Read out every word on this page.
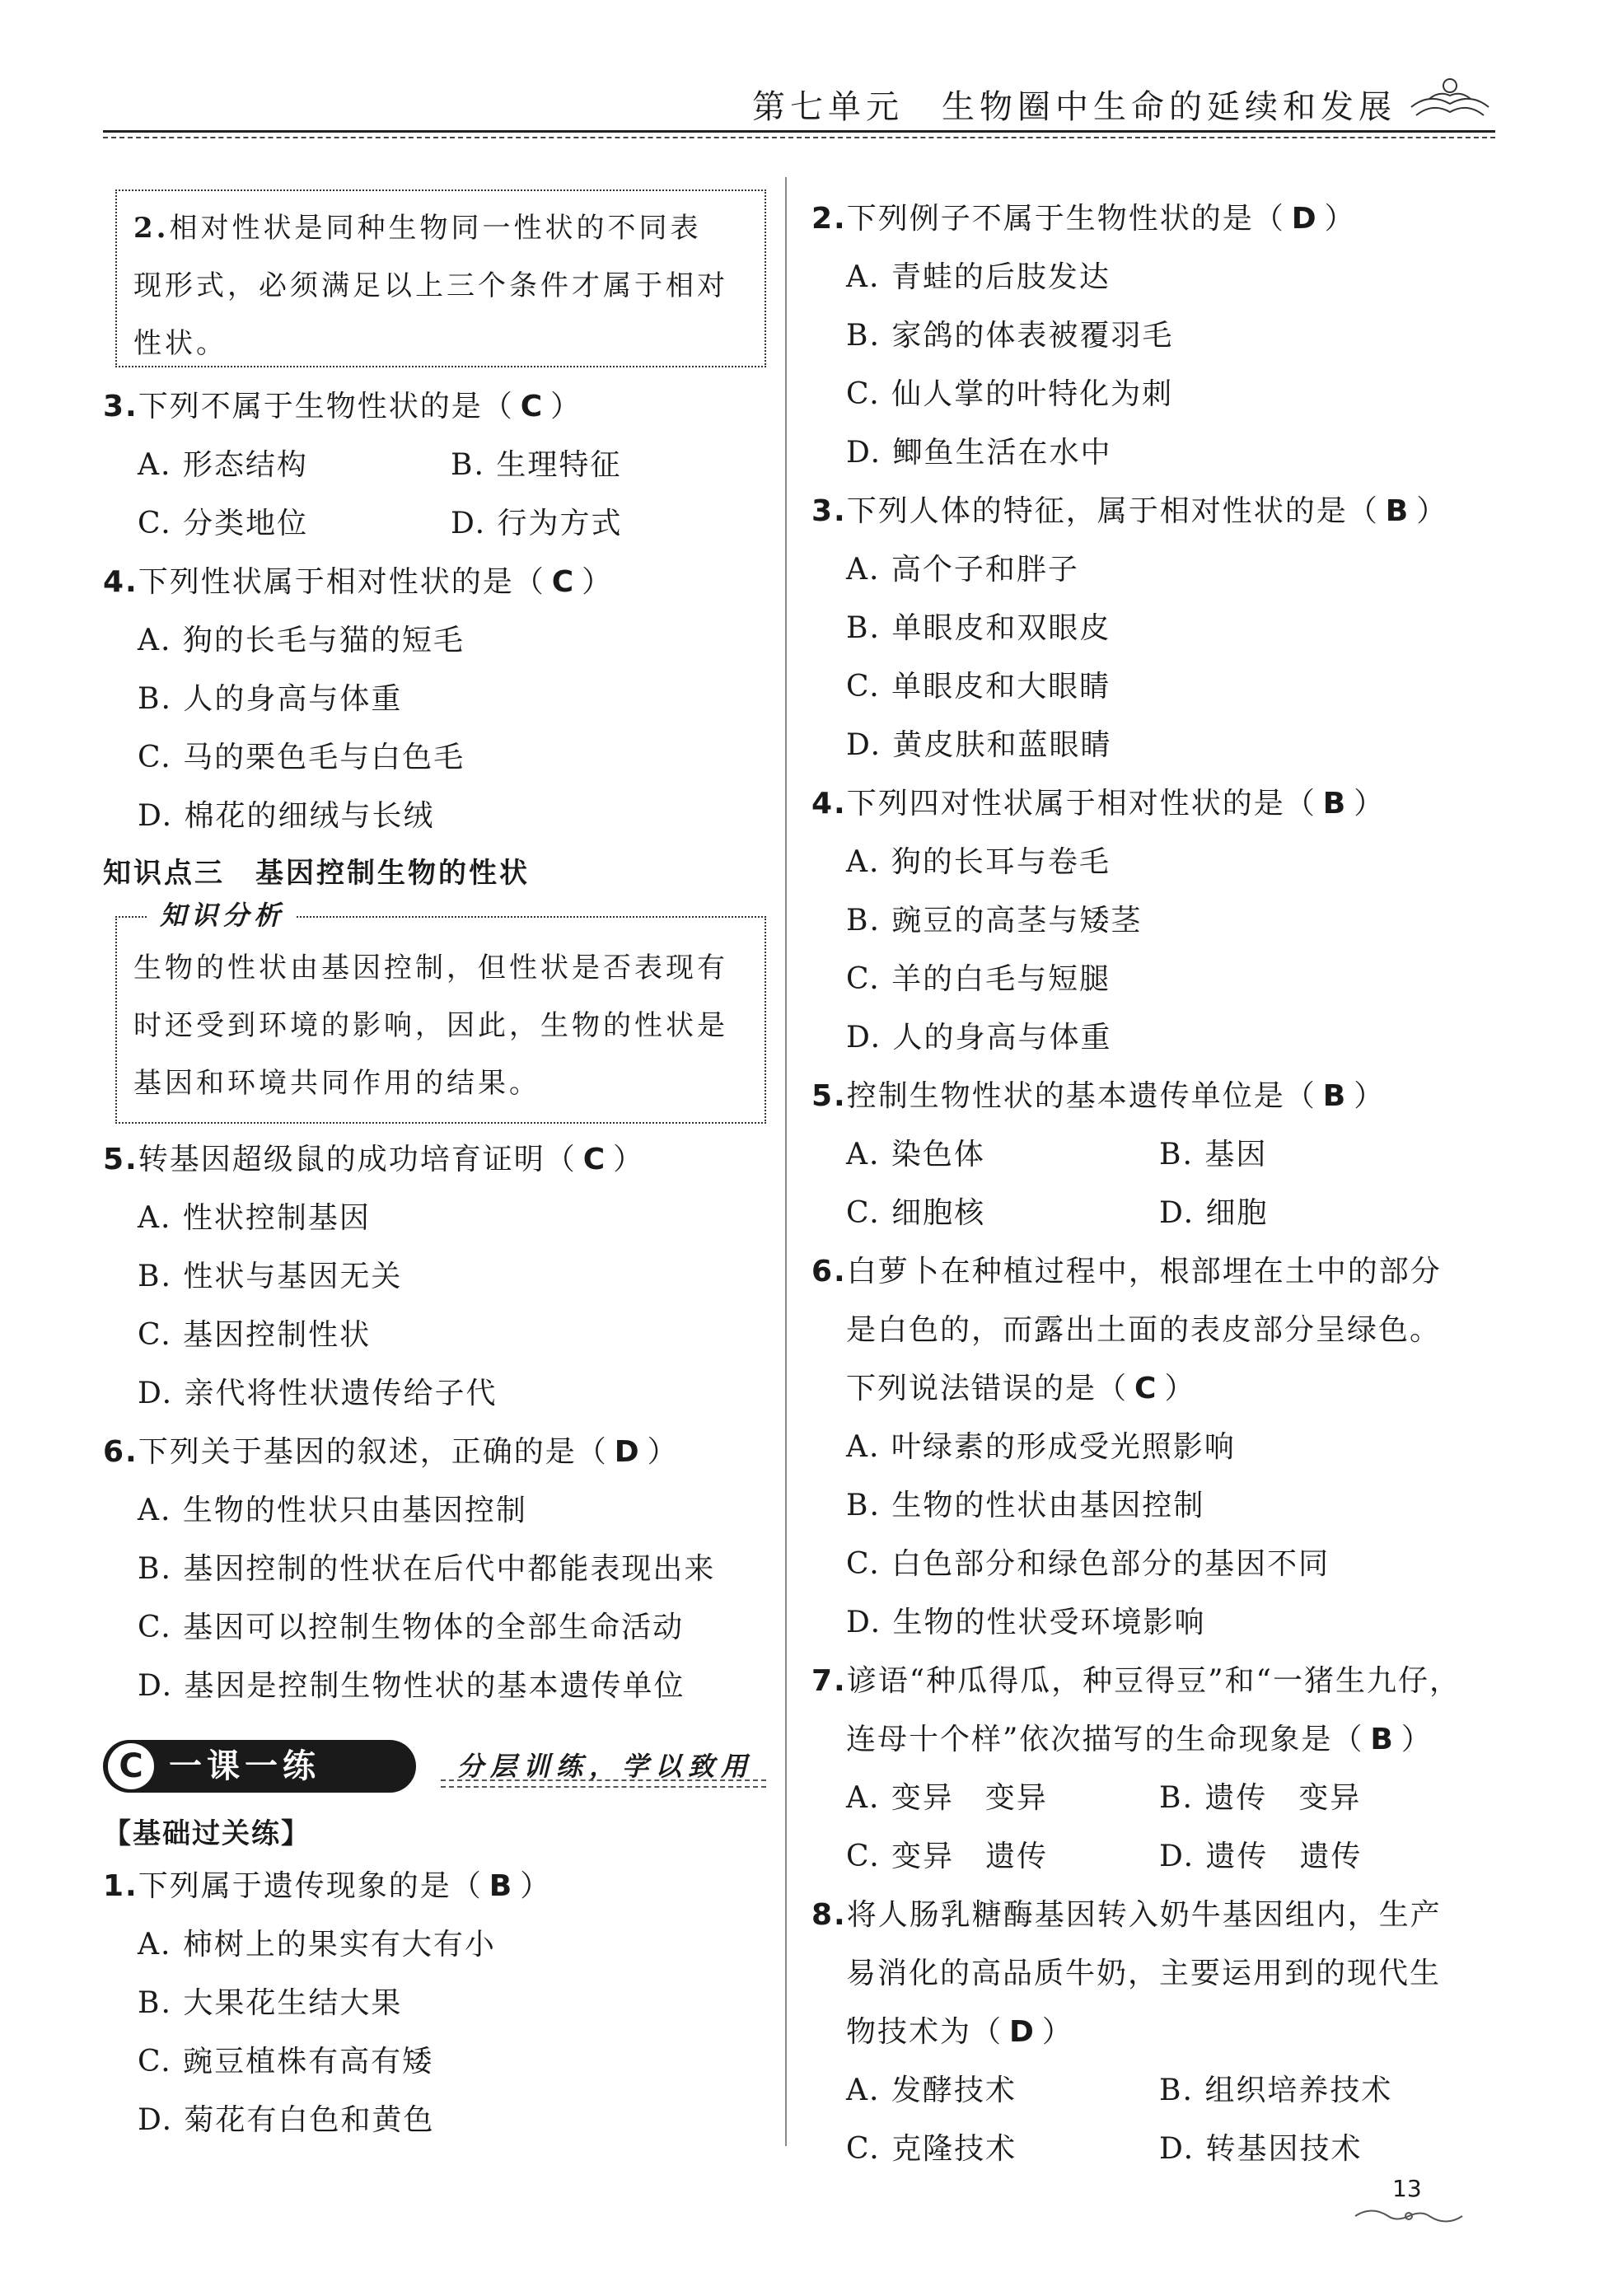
第七单元　生物圈中生命的延续和发展
2.相对性状是同种生物同一性状的不同表
现形式，必须满足以上三个条件才属于相对
性状。
3.下列不属于生物性状的是（ C ）
A. 形态结构	B. 生理特征
C. 分类地位	D. 行为方式
4.下列性状属于相对性状的是（ C ）
A. 狗的长毛与猫的短毛
B. 人的身高与体重
C. 马的栗色毛与白色毛
D. 棉花的细绒与长绒
知识点三　基因控制生物的性状
知识分析
生物的性状由基因控制，但性状是否表现有
时还受到环境的影响，因此，生物的性状是
基因和环境共同作用的结果。
5.转基因超级鼠的成功培育证明（ C ）
A. 性状控制基因
B. 性状与基因无关
C. 基因控制性状
D. 亲代将性状遗传给子代
6.下列关于基因的叙述，正确的是（ D ）
A. 生物的性状只由基因控制
B. 基因控制的性状在后代中都能表现出来
C. 基因可以控制生物体的全部生命活动
D. 基因是控制生物性状的基本遗传单位
C 一课一练	分层训练，学以致用
【基础过关练】
1.下列属于遗传现象的是（ B ）
A. 柿树上的果实有大有小
B. 大果花生结大果
C. 豌豆植株有高有矮
D. 菊花有白色和黄色
2.下列例子不属于生物性状的是（ D ）
A. 青蛙的后肢发达
B. 家鸽的体表被覆羽毛
C. 仙人掌的叶特化为刺
D. 鲫鱼生活在水中
3.下列人体的特征，属于相对性状的是（ B ）
A. 高个子和胖子
B. 单眼皮和双眼皮
C. 单眼皮和大眼睛
D. 黄皮肤和蓝眼睛
4.下列四对性状属于相对性状的是（ B ）
A. 狗的长耳与卷毛
B. 豌豆的高茎与矮茎
C. 羊的白毛与短腿
D. 人的身高与体重
5.控制生物性状的基本遗传单位是（ B ）
A. 染色体	B. 基因
C. 细胞核	D. 细胞
6.白萝卜在种植过程中，根部埋在土中的部分
是白色的，而露出土面的表皮部分呈绿色。
下列说法错误的是（ C ）
A. 叶绿素的形成受光照影响
B. 生物的性状由基因控制
C. 白色部分和绿色部分的基因不同
D. 生物的性状受环境影响
7.谚语“种瓜得瓜，种豆得豆”和“一猪生九仔，
连母十个样”依次描写的生命现象是（ B ）
A. 变异　变异	B. 遗传　变异
C. 变异　遗传	D. 遗传　遗传
8.将人肠乳糖酶基因转入奶牛基因组内，生产
易消化的高品质牛奶，主要运用到的现代生
物技术为（ D ）
A. 发酵技术	B. 组织培养技术
C. 克隆技术	D. 转基因技术
13
